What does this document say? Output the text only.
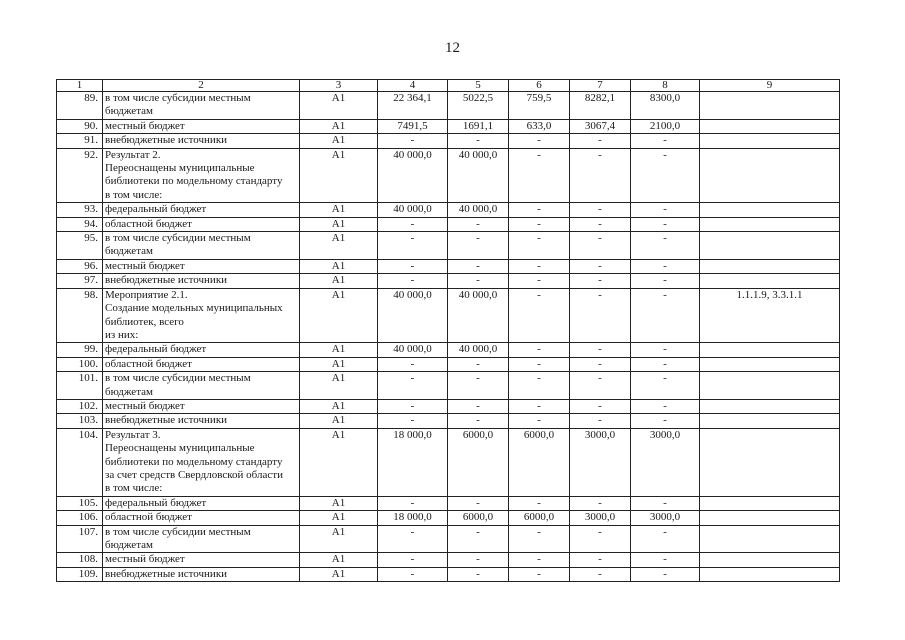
12
1	2	3	4	5	6	7	8	9
89.	в том числе субсидии местным
бюджетам	А1	22 364,1	5022,5	759,5	8282,1	8300,0	
90.	местный бюджет	А1	7491,5	1691,1	633,0	3067,4	2100,0	
91.	внебюджетные источники	А1	-	-	-	-	-	
92.	Результат 2.
Переоснащены муниципальные
библиотеки по модельному стандарту
в том числе:	А1	40 000,0	40 000,0	-	-	-	
93.	федеральный бюджет	А1	40 000,0	40 000,0	-	-	-	
94.	областной бюджет	А1	-	-	-	-	-	
95.	в том числе субсидии местным
бюджетам	А1	-	-	-	-	-	
96.	местный бюджет	А1	-	-	-	-	-	
97.	внебюджетные источники	А1	-	-	-	-	-	
98.	Мероприятие 2.1.
Создание модельных муниципальных
библиотек, всего
из них:	А1	40 000,0	40 000,0	-	-	-	1.1.1.9, 3.3.1.1
99.	федеральный бюджет	А1	40 000,0	40 000,0	-	-	-	
100.	областной бюджет	А1	-	-	-	-	-	
101.	в том числе субсидии местным
бюджетам	А1	-	-	-	-	-	
102.	местный бюджет	А1	-	-	-	-	-	
103.	внебюджетные источники	А1	-	-	-	-	-	
104.	Результат 3.
Переоснащены муниципальные
библиотеки по модельному стандарту
за счет средств Свердловской области
в том числе:	А1	18 000,0	6000,0	6000,0	3000,0	3000,0	
105.	федеральный бюджет	А1	-	-	-	-	-	
106.	областной бюджет	А1	18 000,0	6000,0	6000,0	3000,0	3000,0	
107.	в том числе субсидии местным
бюджетам	А1	-	-	-	-	-	
108.	местный бюджет	А1	-	-	-	-	-	
109.	внебюджетные источники	А1	-	-	-	-	-	
